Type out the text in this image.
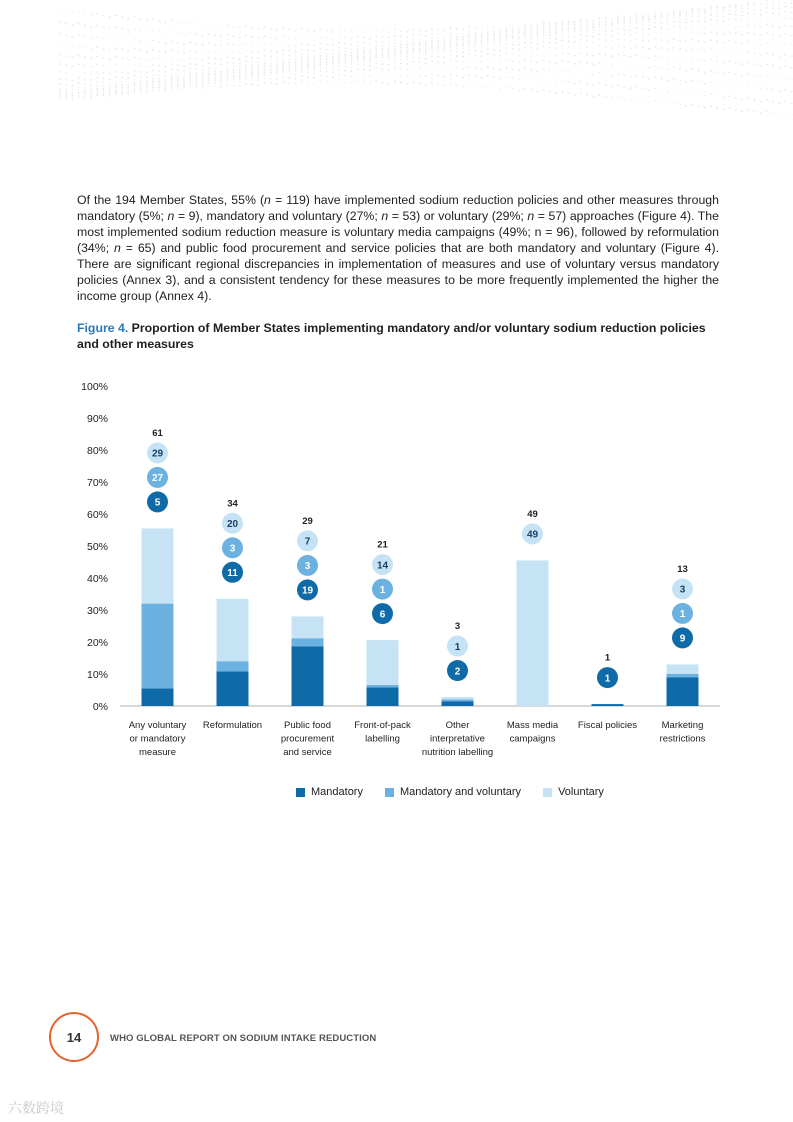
Of the 194 Member States, 55% (n = 119) have implemented sodium reduction policies and other measures through mandatory (5%; n = 9), mandatory and voluntary (27%; n = 53) or voluntary (29%; n = 57) approaches (Figure 4). The most implemented sodium reduction measure is voluntary media campaigns (49%; n = 96), followed by reformulation (34%; n = 65) and public food procurement and service policies that are both mandatory and voluntary (Figure 4). There are significant regional discrepancies in implementation of measures and use of voluntary versus mandatory policies (Annex 3), and a consistent tendency for these measures to be more frequently implemented the higher the income group (Annex 4).
Figure 4. Proportion of Member States implementing mandatory and/or voluntary sodium reduction policies and other measures
0%
10%
20%
30%
40%
50%
60%
70%
80%
90%
100%
5
27
29
61
Any voluntary
or mandatory
measure
11
3
20
34
Reformulation
19
3
7
29
Public food
procurement
and service
6
1
14
21
Front-of-pack
labelling
2
1
3
Other
interpretative
nutrition labelling
49
49
Mass media
campaigns
1
1
Fiscal policies
9
1
3
13
Marketing
restrictions
Mandatory	Mandatory and voluntary	Voluntary
14	WHO GLOBAL REPORT ON SODIUM INTAKE REDUCTION
六数跨境
